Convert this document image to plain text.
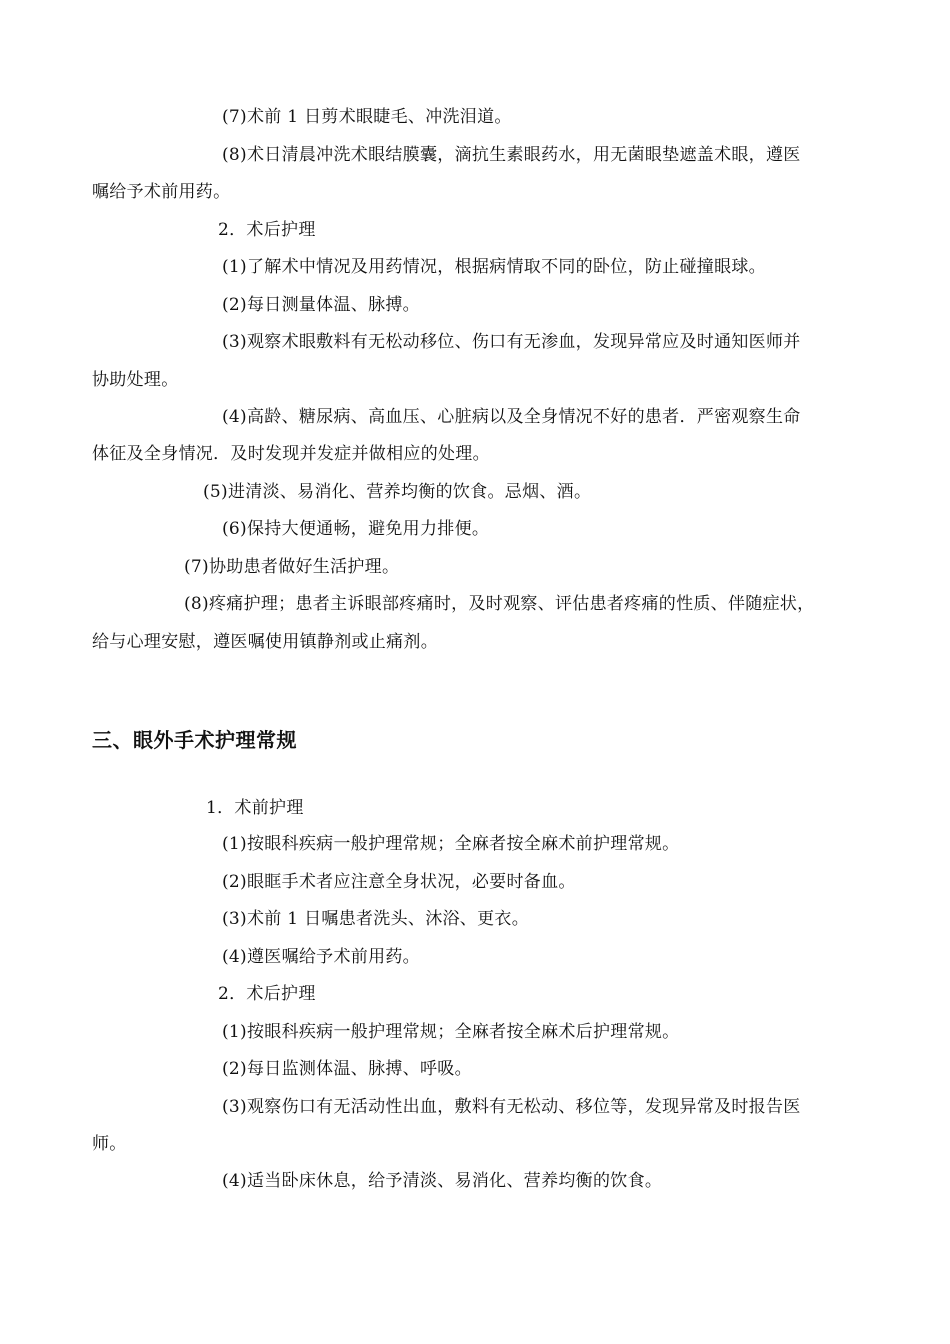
(7)术前 1 日剪术眼睫毛、冲洗泪道。
(8)术日清晨冲洗术眼结膜囊，滴抗生素眼药水，用无菌眼垫遮盖术眼，遵医
嘱给予术前用药。
2．术后护理
(1)了解术中情况及用药情况，根据病情取不同的卧位，防止碰撞眼球。
(2)每日测量体温、脉搏。
(3)观察术眼敷料有无松动移位、伤口有无渗血，发现异常应及时通知医师并
协助处理。
(4)高龄、糖尿病、高血压、心脏病以及全身情况不好的患者．严密观察生命
体征及全身情况．及时发现并发症并做相应的处理。
(5)进清淡、易消化、营养均衡的饮食。忌烟、酒。
(6)保持大便通畅，避免用力排便。
(7)协助患者做好生活护理。
(8)疼痛护理；患者主诉眼部疼痛时，及时观察、评估患者疼痛的性质、伴随症状，
给与心理安慰，遵医嘱使用镇静剂或止痛剂。
三、眼外手术护理常规
1．术前护理
(1)按眼科疾病一般护理常规；全麻者按全麻术前护理常规。
(2)眼眶手术者应注意全身状况，必要时备血。
(3)术前 1 日嘱患者洗头、沐浴、更衣。
(4)遵医嘱给予术前用药。
2．术后护理
(1)按眼科疾病一般护理常规；全麻者按全麻术后护理常规。
(2)每日监测体温、脉搏、呼吸。
(3)观察伤口有无活动性出血，敷料有无松动、移位等，发现异常及时报告医
师。
(4)适当卧床休息，给予清淡、易消化、营养均衡的饮食。
